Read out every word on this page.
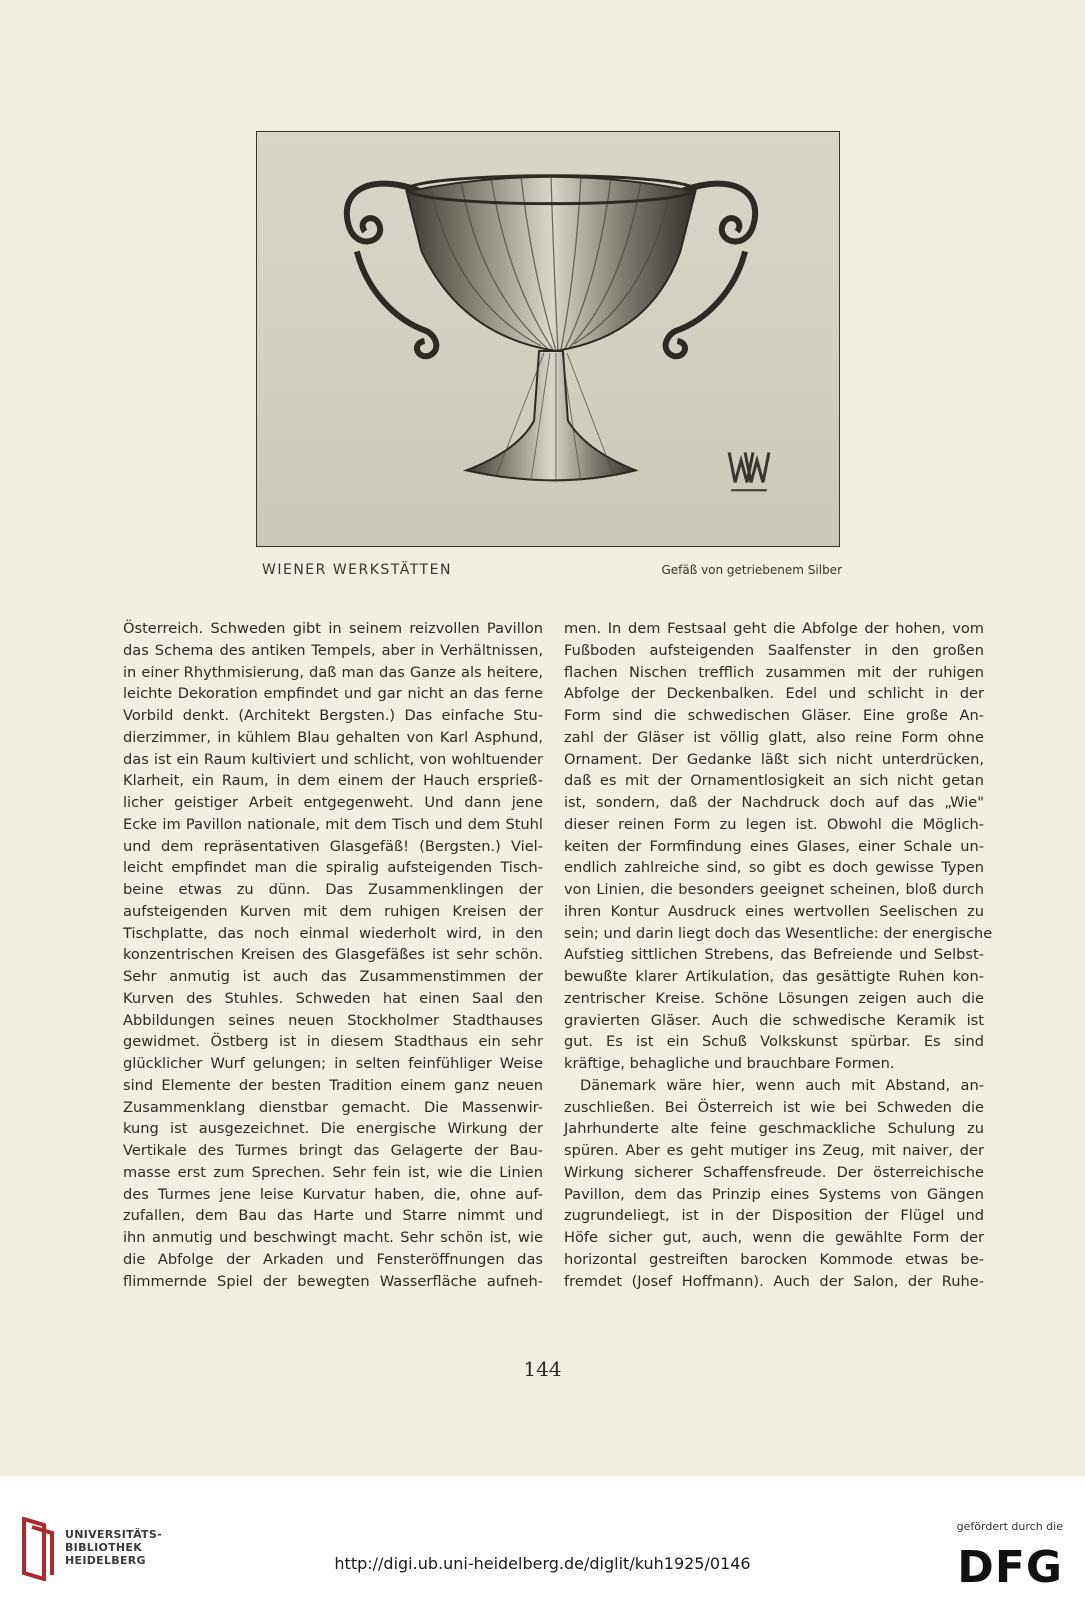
WIENER WERKSTÄTTEN	Gefäß von getriebenem Silber
Österreich. Schweden gibt in seinem reizvollen Pavillon
das Schema des antiken Tempels, aber in Verhältnissen,
in einer Rhythmisierung, daß man das Ganze als heitere,
leichte Dekoration empfindet und gar nicht an das ferne
Vorbild denkt. (Architekt Bergsten.) Das einfache Stu-
dierzimmer, in kühlem Blau gehalten von Karl Asphund,
das ist ein Raum kultiviert und schlicht, von wohltuender
Klarheit, ein Raum, in dem einem der Hauch ersprieß-
licher geistiger Arbeit entgegenweht. Und dann jene
Ecke im Pavillon nationale, mit dem Tisch und dem Stuhl
und dem repräsentativen Glasgefäß! (Bergsten.) Viel-
leicht empfindet man die spiralig aufsteigenden Tisch-
beine etwas zu dünn. Das Zusammenklingen der
aufsteigenden Kurven mit dem ruhigen Kreisen der
Tischplatte, das noch einmal wiederholt wird, in den
konzentrischen Kreisen des Glasgefäßes ist sehr schön.
Sehr anmutig ist auch das Zusammenstimmen der
Kurven des Stuhles. Schweden hat einen Saal den
Abbildungen seines neuen Stockholmer Stadthauses
gewidmet. Östberg ist in diesem Stadthaus ein sehr
glücklicher Wurf gelungen; in selten feinfühliger Weise
sind Elemente der besten Tradition einem ganz neuen
Zusammenklang dienstbar gemacht. Die Massenwir-
kung ist ausgezeichnet. Die energische Wirkung der
Vertikale des Turmes bringt das Gelagerte der Bau-
masse erst zum Sprechen. Sehr fein ist, wie die Linien
des Turmes jene leise Kurvatur haben, die, ohne auf-
zufallen, dem Bau das Harte und Starre nimmt und
ihn anmutig und beschwingt macht. Sehr schön ist, wie
die Abfolge der Arkaden und Fensteröffnungen das
flimmernde Spiel der bewegten Wasserfläche aufneh-
men. In dem Festsaal geht die Abfolge der hohen, vom
Fußboden aufsteigenden Saalfenster in den großen
flachen Nischen trefflich zusammen mit der ruhigen
Abfolge der Deckenbalken. Edel und schlicht in der
Form sind die schwedischen Gläser. Eine große An-
zahl der Gläser ist völlig glatt, also reine Form ohne
Ornament. Der Gedanke läßt sich nicht unterdrücken,
daß es mit der Ornamentlosigkeit an sich nicht getan
ist, sondern, daß der Nachdruck doch auf das „Wie"
dieser reinen Form zu legen ist. Obwohl die Möglich-
keiten der Formfindung eines Glases, einer Schale un-
endlich zahlreiche sind, so gibt es doch gewisse Typen
von Linien, die besonders geeignet scheinen, bloß durch
ihren Kontur Ausdruck eines wertvollen Seelischen zu
sein; und darin liegt doch das Wesentliche: der energische
Aufstieg sittlichen Strebens, das Befreiende und Selbst-
bewußte klarer Artikulation, das gesättigte Ruhen kon-
zentrischer Kreise. Schöne Lösungen zeigen auch die
gravierten Gläser. Auch die schwedische Keramik ist
gut. Es ist ein Schuß Volkskunst spürbar. Es sind
kräftige, behagliche und brauchbare Formen.
Dänemark wäre hier, wenn auch mit Abstand, an-
zuschließen. Bei Österreich ist wie bei Schweden die
Jahrhunderte alte feine geschmackliche Schulung zu
spüren. Aber es geht mutiger ins Zeug, mit naiver, der
Wirkung sicherer Schaffensfreude. Der österreichische
Pavillon, dem das Prinzip eines Systems von Gängen
zugrundeliegt, ist in der Disposition der Flügel und
Höfe sicher gut, auch, wenn die gewählte Form der
horizontal gestreiften barocken Kommode etwas be-
fremdet (Josef Hoffmann). Auch der Salon, der Ruhe-
144
UNIVERSITÄTS-
BIBLIOTHEK
HEIDELBERG	http://digi.ub.uni-heidelberg.de/diglit/kuh1925/0146
gefördert durch die
DFG
